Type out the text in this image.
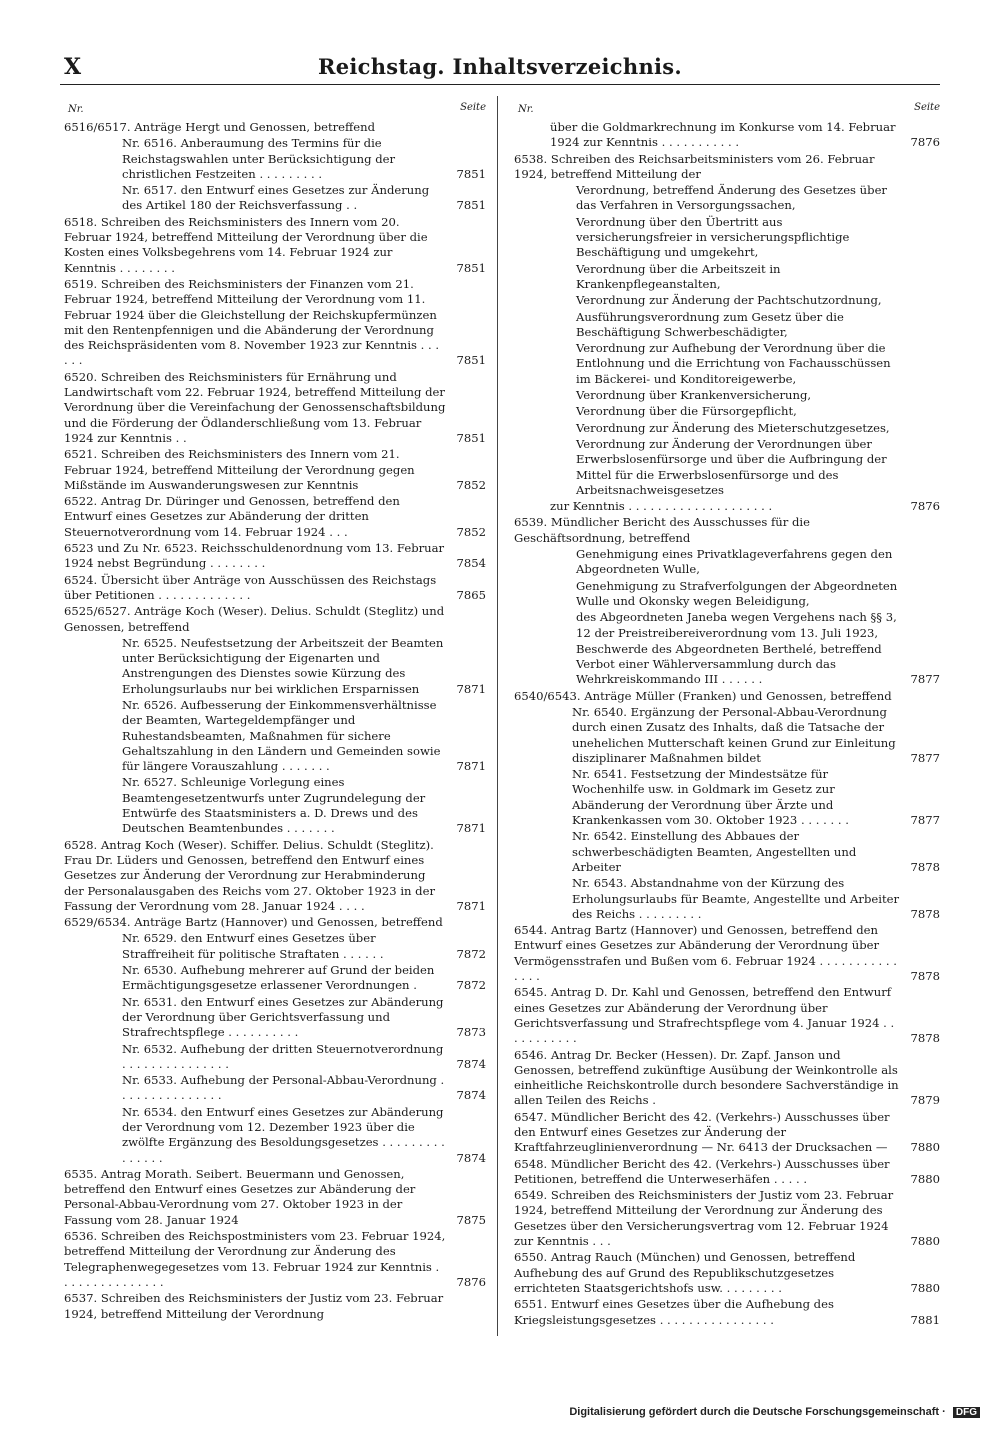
X	Reichstag. Inhaltsverzeichnis.
Nr.	Seite
6516/6517. Anträge Hergt und Genossen, betreffend
Nr. 6516. Anberaumung des Termins für die Reichstagswahlen unter Berücksichtigung der christlichen Festzeiten . . . . . . . . .	7851
Nr. 6517. den Entwurf eines Gesetzes zur Änderung des Artikel 180 der Reichsverfassung . .	7851
6518. Schreiben des Reichsministers des Innern vom 20. Februar 1924, betreffend Mitteilung der Verordnung über die Kosten eines Volksbegehrens vom 14. Februar 1924 zur Kenntnis . . . . . . . .	7851
6519. Schreiben des Reichsministers der Finanzen vom 21. Februar 1924, betreffend Mitteilung der Verordnung vom 11. Februar 1924 über die Gleichstellung der Reichskupfermünzen mit den Rentenpfennigen und die Abänderung der Verordnung des Reichspräsidenten vom 8. November 1923 zur Kenntnis . . . . . .	7851
6520. Schreiben des Reichsministers für Ernährung und Landwirtschaft vom 22. Februar 1924, betreffend Mitteilung der Verordnung über die Vereinfachung der Genossenschaftsbildung und die Förderung der Ödlanderschließung vom 13. Februar 1924 zur Kenntnis . .	7851
6521. Schreiben des Reichsministers des Innern vom 21. Februar 1924, betreffend Mitteilung der Verordnung gegen Mißstände im Auswanderungswesen zur Kenntnis	7852
6522. Antrag Dr. Düringer und Genossen, betreffend den Entwurf eines Gesetzes zur Abänderung der dritten Steuernotverordnung vom 14. Februar 1924 . . .	7852
6523 und Zu Nr. 6523. Reichsschuldenordnung vom 13. Februar 1924 nebst Begründung . . . . . . . .	7854
6524. Übersicht über Anträge von Ausschüssen des Reichstags über Petitionen . . . . . . . . . . . . .	7865
6525/6527. Anträge Koch (Weser). Delius. Schuldt (Steglitz) und Genossen, betreffend
Nr. 6525. Neufestsetzung der Arbeitszeit der Beamten unter Berücksichtigung der Eigenarten und Anstrengungen des Dienstes sowie Kürzung des Erholungsurlaubs nur bei wirklichen Ersparnissen	7871
Nr. 6526. Aufbesserung der Einkommensverhältnisse der Beamten, Wartegeldempfänger und Ruhestandsbeamten, Maßnahmen für sichere Gehaltszahlung in den Ländern und Gemeinden sowie für längere Vorauszahlung . . . . . . .	7871
Nr. 6527. Schleunige Vorlegung eines Beamtengesetzentwurfs unter Zugrundelegung der Entwürfe des Staatsministers a. D. Drews und des Deutschen Beamtenbundes . . . . . . .	7871
6528. Antrag Koch (Weser). Schiffer. Delius. Schuldt (Steglitz). Frau Dr. Lüders und Genossen, betreffend den Entwurf eines Gesetzes zur Änderung der Verordnung zur Herabminderung der Personalausgaben des Reichs vom 27. Oktober 1923 in der Fassung der Verordnung vom 28. Januar 1924 . . . .	7871
6529/6534. Anträge Bartz (Hannover) und Genossen, betreffend
Nr. 6529. den Entwurf eines Gesetzes über Straffreiheit für politische Straftaten . . . . . .	7872
Nr. 6530. Aufhebung mehrerer auf Grund der beiden Ermächtigungsgesetze erlassener Verordnungen .	7872
Nr. 6531. den Entwurf eines Gesetzes zur Abänderung der Verordnung über Gerichtsverfassung und Strafrechtspflege . . . . . . . . . .	7873
Nr. 6532. Aufhebung der dritten Steuernotverordnung . . . . . . . . . . . . . . .	7874
Nr. 6533. Aufhebung der Personal-Abbau-Verordnung . . . . . . . . . . . . . . .	7874
Nr. 6534. den Entwurf eines Gesetzes zur Abänderung der Verordnung vom 12. Dezember 1923 über die zwölfte Ergänzung des Besoldungsgesetzes . . . . . . . . . . . . . . .	7874
6535. Antrag Morath. Seibert. Beuermann und Genossen, betreffend den Entwurf eines Gesetzes zur Abänderung der Personal-Abbau-Verordnung vom 27. Oktober 1923 in der Fassung vom 28. Januar 1924	7875
6536. Schreiben des Reichspostministers vom 23. Februar 1924, betreffend Mitteilung der Verordnung zur Änderung des Telegraphenwegegesetzes vom 13. Februar 1924 zur Kenntnis . . . . . . . . . . . . . . .	7876
6537. Schreiben des Reichsministers der Justiz vom 23. Februar 1924, betreffend Mitteilung der Verordnung
Nr.	Seite
über die Goldmarkrechnung im Konkurse vom 14. Februar 1924 zur Kenntnis . . . . . . . . . . .	7876
6538. Schreiben des Reichsarbeitsministers vom 26. Februar 1924, betreffend Mitteilung der
Verordnung, betreffend Änderung des Gesetzes über das Verfahren in Versorgungssachen,
Verordnung über den Übertritt aus versicherungsfreier in versicherungspflichtige Beschäftigung und umgekehrt,
Verordnung über die Arbeitszeit in Krankenpflegeanstalten,
Verordnung zur Änderung der Pachtschutzordnung,
Ausführungsverordnung zum Gesetz über die Beschäftigung Schwerbeschädigter,
Verordnung zur Aufhebung der Verordnung über die Entlohnung und die Errichtung von Fachausschüssen im Bäckerei- und Konditoreigewerbe,
Verordnung über Krankenversicherung,
Verordnung über die Fürsorgepflicht,
Verordnung zur Änderung des Mieterschutzgesetzes,
Verordnung zur Änderung der Verordnungen über Erwerbslosenfürsorge und über die Aufbringung der Mittel für die Erwerbslosenfürsorge und des Arbeitsnachweisgesetzes
zur Kenntnis . . . . . . . . . . . . . . . . . . . .	7876
6539. Mündlicher Bericht des Ausschusses für die Geschäftsordnung, betreffend
Genehmigung eines Privatklageverfahrens gegen den Abgeordneten Wulle,
Genehmigung zu Strafverfolgungen der Abgeordneten Wulle und Okonsky wegen Beleidigung,
des Abgeordneten Janeba wegen Vergehens nach §§ 3, 12 der Preistreibereiverordnung vom 13. Juli 1923,
Beschwerde des Abgeordneten Berthelé, betreffend Verbot einer Wählerversammlung durch das Wehrkreiskommando III . . . . . .	7877
6540/6543. Anträge Müller (Franken) und Genossen, betreffend
Nr. 6540. Ergänzung der Personal-Abbau-Verordnung durch einen Zusatz des Inhalts, daß die Tatsache der unehelichen Mutterschaft keinen Grund zur Einleitung disziplinarer Maßnahmen bildet	7877
Nr. 6541. Festsetzung der Mindestsätze für Wochenhilfe usw. in Goldmark im Gesetz zur Abänderung der Verordnung über Ärzte und Krankenkassen vom 30. Oktober 1923 . . . . . . .	7877
Nr. 6542. Einstellung des Abbaues der schwerbeschädigten Beamten, Angestellten und Arbeiter	7878
Nr. 6543. Abstandnahme von der Kürzung des Erholungsurlaubs für Beamte, Angestellte und Arbeiter des Reichs . . . . . . . . .	7878
6544. Antrag Bartz (Hannover) und Genossen, betreffend den Entwurf eines Gesetzes zur Abänderung der Verordnung über Vermögensstrafen und Bußen vom 6. Februar 1924 . . . . . . . . . . . . . . .	7878
6545. Antrag D. Dr. Kahl und Genossen, betreffend den Entwurf eines Gesetzes zur Abänderung der Verordnung über Gerichtsverfassung und Strafrechtspflege vom 4. Januar 1924 . . . . . . . . . . .	7878
6546. Antrag Dr. Becker (Hessen). Dr. Zapf. Janson und Genossen, betreffend zukünftige Ausübung der Weinkontrolle als einheitliche Reichskontrolle durch besondere Sachverständige in allen Teilen des Reichs .	7879
6547. Mündlicher Bericht des 42. (Verkehrs-) Ausschusses über den Entwurf eines Gesetzes zur Änderung der Kraftfahrzeuglinienverordnung — Nr. 6413 der Drucksachen — 7880
6548. Mündlicher Bericht des 42. (Verkehrs-) Ausschusses über Petitionen, betreffend die Unterweserhäfen . . . . .	7880
6549. Schreiben des Reichsministers der Justiz vom 23. Februar 1924, betreffend Mitteilung der Verordnung zur Änderung des Gesetzes über den Versicherungsvertrag vom 12. Februar 1924 zur Kenntnis . . .	7880
6550. Antrag Rauch (München) und Genossen, betreffend Aufhebung des auf Grund des Republikschutzgesetzes errichteten Staatsgerichtshofs usw. . . . . . . . .	7880
6551. Entwurf eines Gesetzes über die Aufhebung des Kriegsleistungsgesetzes . . . . . . . . . . . . . . . .	7881
Digitalisierung gefördert durch die Deutsche Forschungsgemeinschaft · DFG
